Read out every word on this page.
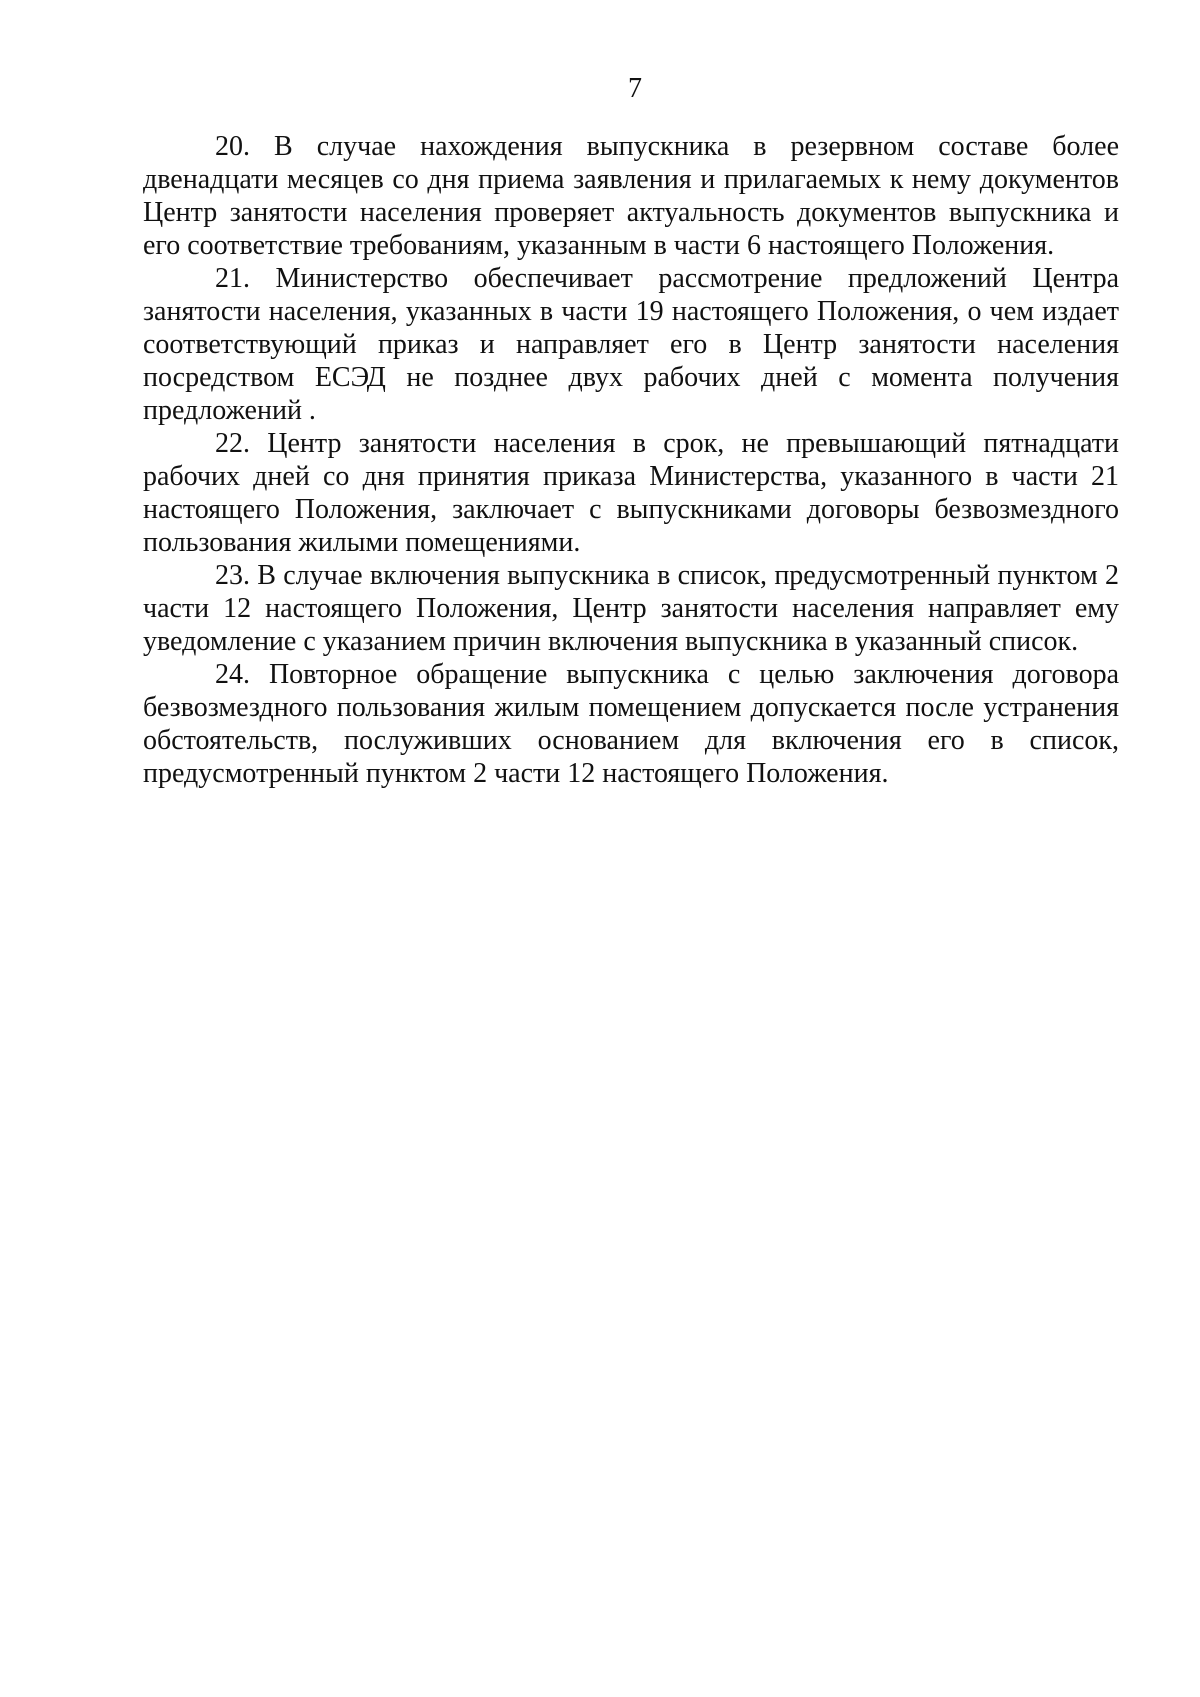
7

20. В случае нахождения выпускника в резервном составе более двенадцати месяцев со дня приема заявления и прилагаемых к нему документов Центр занятости населения проверяет актуальность документов выпускника и его соответствие требованиям, указанным в части 6 настоящего Положения.

21. Министерство обеспечивает рассмотрение предложений Центра занятости населения, указанных в части 19 настоящего Положения, о чем издает соответствующий приказ и направляет его в Центр занятости населения посредством ЕСЭД не позднее двух рабочих дней с момента получения предложений .

22. Центр занятости населения в срок, не превышающий пятнадцати рабочих дней со дня принятия приказа Министерства, указанного в части 21 настоящего Положения, заключает с выпускниками договоры безвозмездного пользования жилыми помещениями.

23. В случае включения выпускника в список, предусмотренный пунктом 2 части 12 настоящего Положения, Центр занятости населения направляет ему уведомление с указанием причин включения выпускника в указанный список.

24. Повторное обращение выпускника с целью заключения договора безвозмездного пользования жилым помещением допускается после устранения обстоятельств, послуживших основанием для включения его в список, предусмотренный пунктом 2 части 12 настоящего Положения.
